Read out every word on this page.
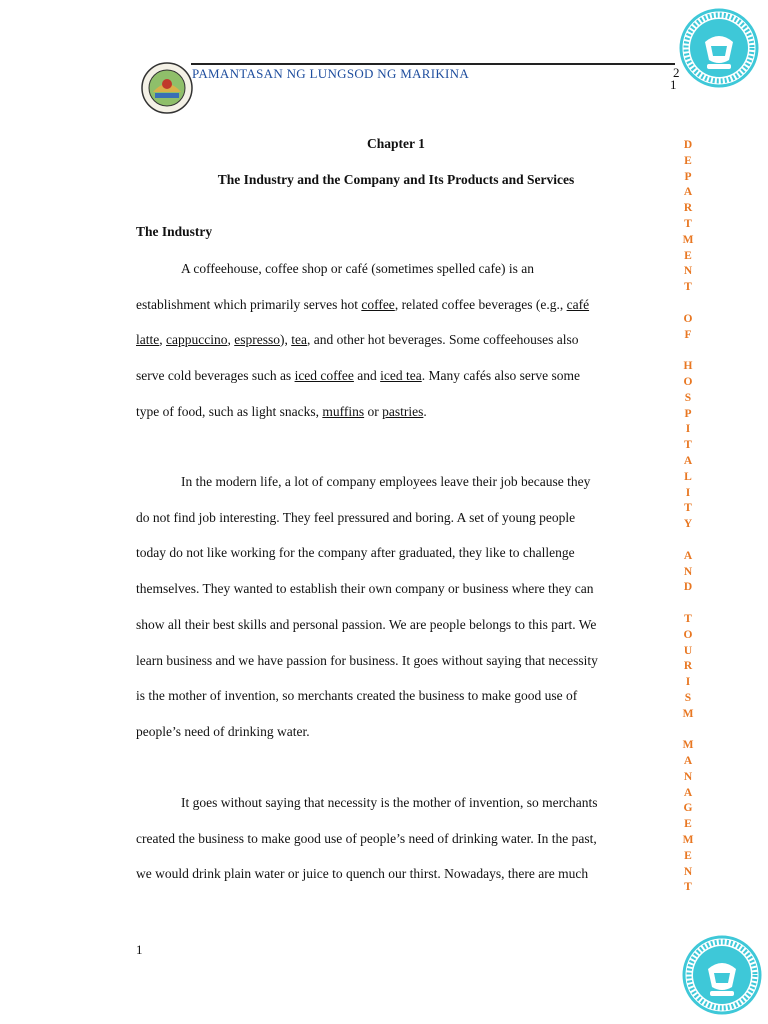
PAMANTASAN NG LUNGSOD NG MARIKINA	2
1
D
E
P
A
R
T
M
E
N
T
O
F
H
O
S
P
I
T
A
L
I
T
Y
A
N
D
T
O
U
R
I
S
M
M
A
N
A
G
E
M
E
N
T
Chapter 1
The Industry and the Company and Its Products and Services
The Industry
A coffeehouse, coffee shop or café (sometimes spelled cafe) is an
establishment which primarily serves hot coffee, related coffee beverages (e.g., café
latte, cappuccino, espresso), tea, and other hot beverages. Some coffeehouses also
serve cold beverages such as iced coffee and iced tea. Many cafés also serve some
type of food, such as light snacks, muffins or pastries.
In the modern life, a lot of company employees leave their job because they
do not find job interesting. They feel pressured and boring. A set of young people
today do not like working for the company after graduated, they like to challenge
themselves. They wanted to establish their own company or business where they can
show all their best skills and personal passion. We are people belongs to this part. We
learn business and we have passion for business. It goes without saying that necessity
is the mother of invention, so merchants created the business to make good use of
people’s need of drinking water.
It goes without saying that necessity is the mother of invention, so merchants
created the business to make good use of people’s need of drinking water. In the past,
we would drink plain water or juice to quench our thirst. Nowadays, there are much
1
